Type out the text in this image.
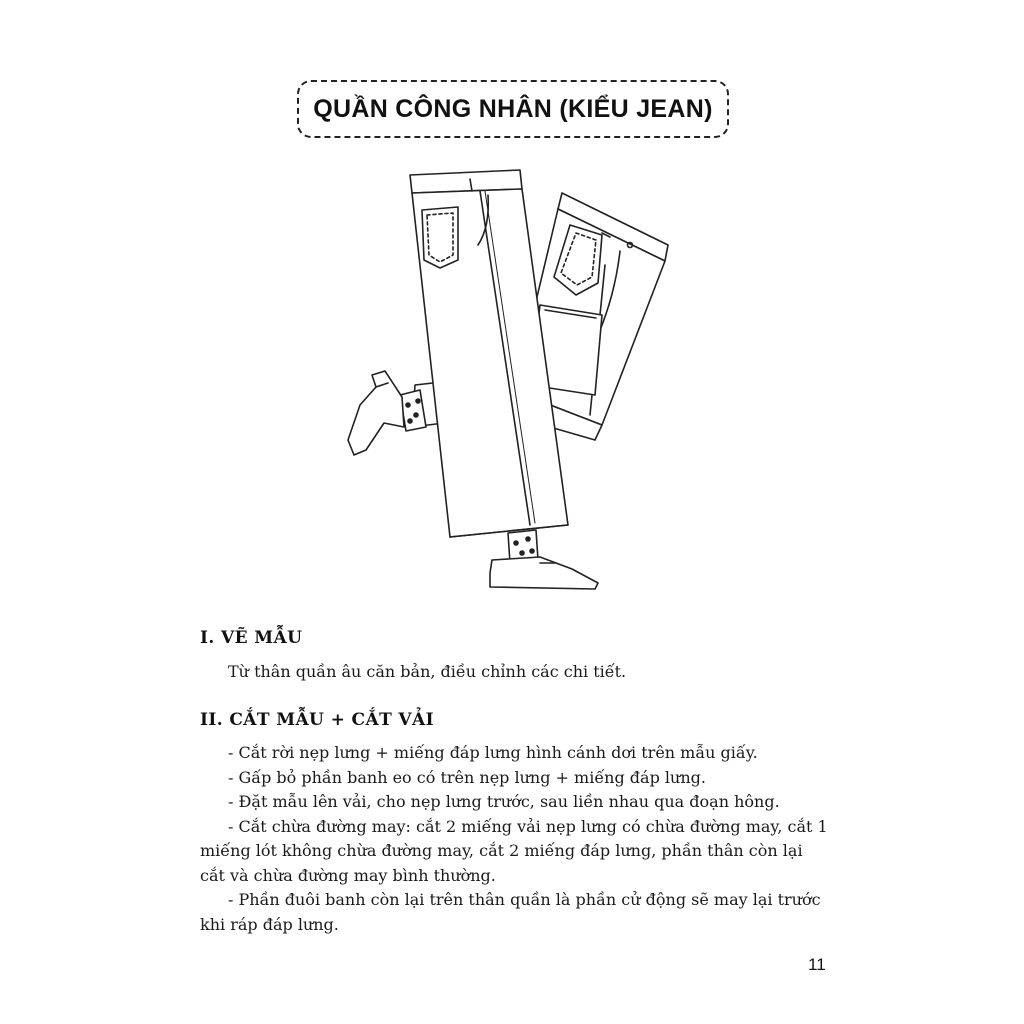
QUẦN CÔNG NHÂN (KIỂU JEAN)
I. VẼ MẪU
Từ thân quần âu căn bản, điều chỉnh các chi tiết.
II. CẮT MẪU + CẮT VẢI

- Cắt rời nẹp lưng + miếng đáp lưng hình cánh dơi trên mẫu giấy.

- Gấp bỏ phần banh eo có trên nẹp lưng + miếng đáp lưng.

- Đặt mẫu lên vải, cho nẹp lưng trước, sau liền nhau qua đoạn hông.

- Cắt chừa đường may: cắt 2 miếng vải nẹp lưng có chừa đường may, cắt 1 miếng lót không chừa đường may, cắt 2 miếng đáp lưng, phần thân còn lại cắt và chừa đường may bình thường.

- Phần đuôi banh còn lại trên thân quần là phần cử động sẽ may lại trước khi ráp đáp lưng.

11
